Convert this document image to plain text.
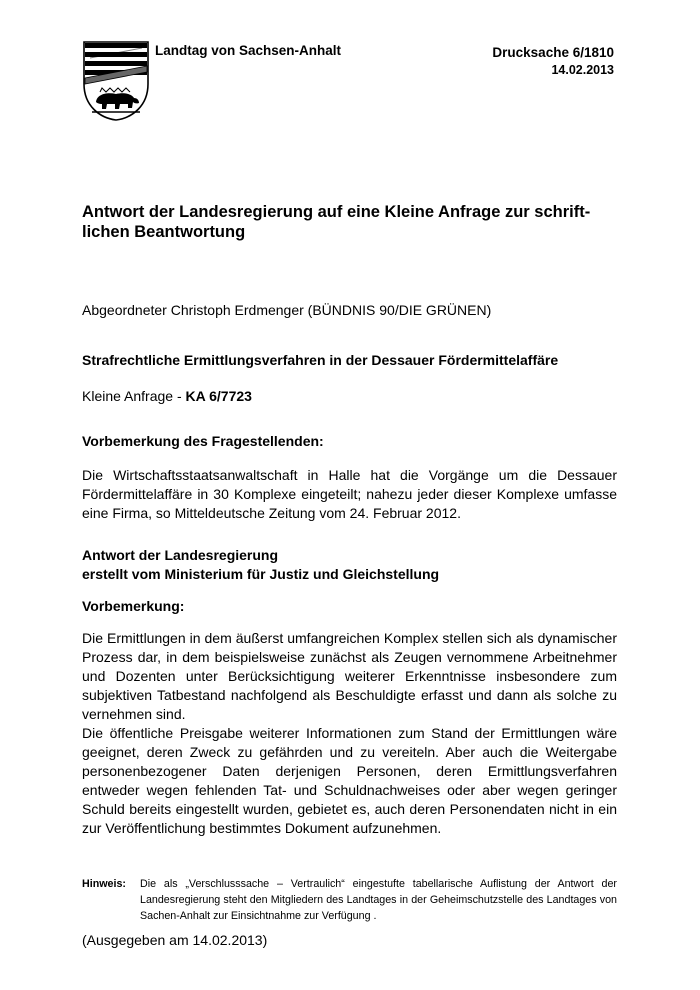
Landtag von Sachsen-Anhalt	Drucksache 6/1810
14.02.2013
Antwort der Landesregierung auf eine Kleine Anfrage zur schrift-
lichen Beantwortung
Abgeordneter Christoph Erdmenger (BÜNDNIS 90/DIE GRÜNEN)
Strafrechtliche Ermittlungsverfahren in der Dessauer Fördermittelaffäre
Kleine Anfrage - KA 6/7723
Vorbemerkung des Fragestellenden:
Die Wirtschaftsstaatsanwaltschaft in Halle hat die Vorgänge um die Dessauer Fördermittelaffäre in 30 Komplexe eingeteilt; nahezu jeder dieser Komplexe umfasse eine Firma, so Mitteldeutsche Zeitung vom 24. Februar 2012.
Antwort der Landesregierung
erstellt vom Ministerium für Justiz und Gleichstellung
Vorbemerkung:
Die Ermittlungen in dem äußerst umfangreichen Komplex stellen sich als dynamischer Prozess dar, in dem beispielsweise zunächst als Zeugen vernommene Arbeitnehmer und Dozenten unter Berücksichtigung weiterer Erkenntnisse insbesondere zum subjektiven Tatbestand nachfolgend als Beschuldigte erfasst und dann als solche zu vernehmen sind.
Die öffentliche Preisgabe weiterer Informationen zum Stand der Ermittlungen wäre geeignet, deren Zweck zu gefährden und zu vereiteln. Aber auch die Weitergabe personenbezogener Daten derjenigen Personen, deren Ermittlungsverfahren entweder wegen fehlenden Tat- und Schuldnachweises oder aber wegen geringer Schuld bereits eingestellt wurden, gebietet es, auch deren Personendaten nicht in ein zur Veröffentlichung bestimmtes Dokument aufzunehmen.
Hinweis:	Die als „Verschlusssache – Vertraulich“ eingestufte tabellarische Auflistung der Antwort der Landesregierung steht den Mitgliedern des Landtages in der Geheimschutzstelle des Landtages von Sachen-Anhalt zur Einsichtnahme zur Verfügung .
(Ausgegeben am 14.02.2013)
